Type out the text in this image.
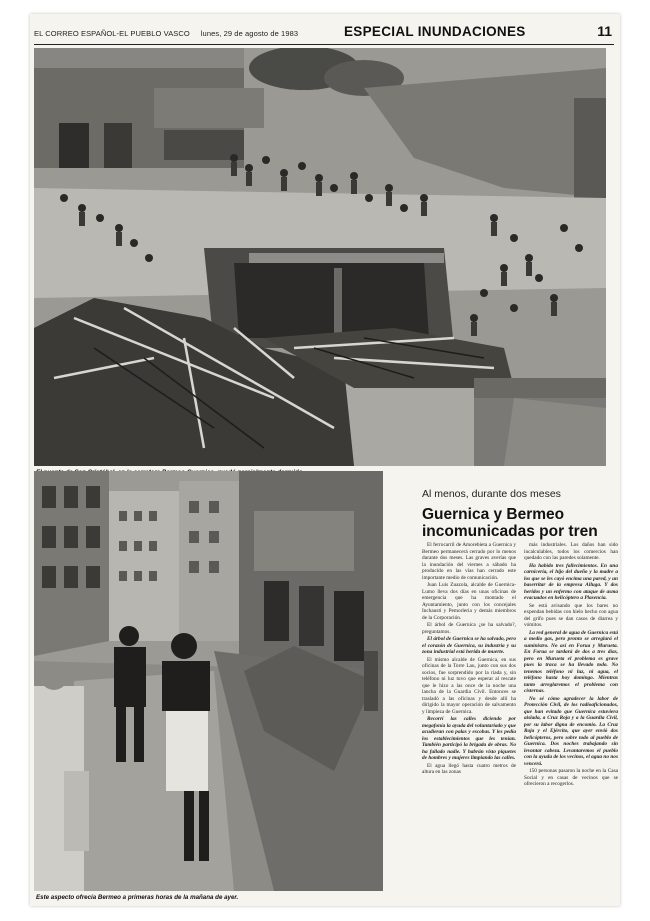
EL CORREO ESPAÑOL-EL PUEBLO VASCO lunes, 29 de agosto de 1983	ESPECIAL INUNDACIONES	11
Este aspecto ofrecía Bermeo a primeras horas de la mañana de ayer.
Al menos, durante dos meses
Guernica y Bermeo
incomunicadas por tren

El ferrocarril de Amorebieta a Guernica y Bermeo permanecerá cerrado por lo menos durante dos meses. Las graves averías que la inundación del viernes a sábado ha producido en las vías han cerrado este importante medio de comunicación.

Juan Luis Zuazola, alcalde de Guernica-Lumo lleva dos días en unas oficinas de emergencia que ha montado el Ayuntamiento, junto con los concejales Inchausti y Pemorleria y demás miembros de la Corporación.

El árbol de Guernica ¿se ha salvado?, preguntamos.

El árbol de Guernica se ha salvado, pero el corazón de Guernica, su industria y su zona industrial está herida de muerte.

El mismo alcalde de Guernica, en sus oficinas de la Torre Lau, junto con sus dos socios, fue sorprendido por la riada y, sin teléfono ni luz tuvo que esperar al rescate que le hizo a las once de la noche una lancha de la Guardia Civil. Entonces se trasladó a las oficinas y desde allí ha dirigido la mayor operación de salvamento y limpieza de Guernica.

Recorrí las calles diciendo por megafonía la ayuda del voluntariado y que acudieran con palas y escobas. Y les pedía los establecimientos que les tenían. También participó la brigada de obras. No ha fallado nadie. Y habrán visto piquetes de hombres y mujeres limpiando las calles.

El agua llegó hasta cuatro metros de altura en las zonas

más industriales. Los daños han sido incalculables, todos los comercios han quedado con las paredes solamente.

Ha habido tres fallecimientos. En una carnicería, el hijo del dueño y la madre a los que se les cayó encima una pared, y un baserritar de la empresa Alluga. Y dos heridos y un enfermo con ataque de asma evacuados en helicóptero a Plasencia.

Se está avisando que los bares no expendan bebidas con hielo hecho con agua del grifo pues se dan casos de diarrea y vómitos.

La red general de agua de Guernica está a medio gas, pero pronto se arreglará el suministro. No así en Forua y Murueta. En Forua se tardará de dos a tres días, pero en Murueta el problema es grave pues la traca se ha llevado todo. No tenemos teléfono ni luz, ni agua, el teléfono hasta hoy domingo. Mientras tanto arreglaremos el problema con cisternas.

No sé cómo agradecer la labor de Protección Civil, de los radioaficionados, que han evitado que Guernica estuviera aislada, a Cruz Roja y a la Guardia Civil, por su labor digna de encomio. La Cruz Roja y el Ejército, que ayer envió dos helicópteros, pero sobre todo al pueblo de Guernica. Dos noches trabajando sin levantar cabeza. Levantaremos el pueblo con la ayuda de los vecinos, el agua no nos vencerá.

150 personas pasaron la noche en la Casa Social y en casas de vecinos que se ofrecieron a recogerlos.
